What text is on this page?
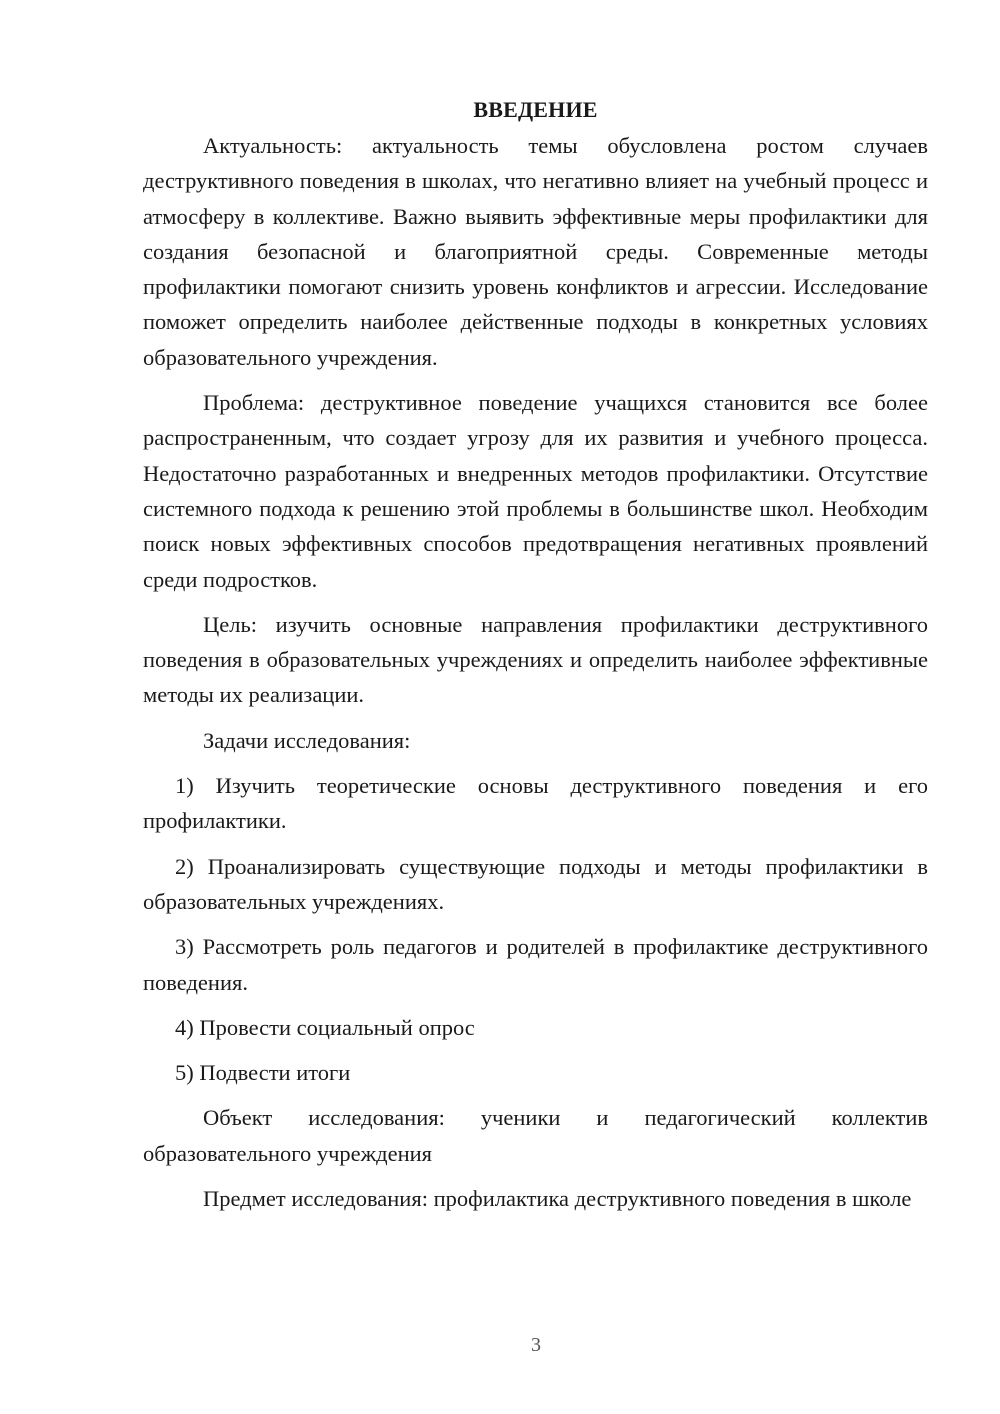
ВВЕДЕНИЕ

Актуальность: актуальность темы обусловлена ростом случаев деструктивного поведения в школах, что негативно влияет на учебный процесс и атмосферу в коллективе. Важно выявить эффективные меры профилактики для создания безопасной и благоприятной среды. Современные методы профилактики помогают снизить уровень конфликтов и агрессии. Исследование поможет определить наиболее действенные подходы в конкретных условиях образовательного учреждения.

Проблема: деструктивное поведение учащихся становится все более распространенным, что создает угрозу для их развития и учебного процесса. Недостаточно разработанных и внедренных методов профилактики. Отсутствие системного подхода к решению этой проблемы в большинстве школ. Необходим поиск новых эффективных способов предотвращения негативных проявлений среди подростков.

Цель: изучить основные направления профилактики деструктивного поведения в образовательных учреждениях и определить наиболее эффективные методы их реализации.

Задачи исследования:

1) Изучить теоретические основы деструктивного поведения и его профилактики.

2) Проанализировать существующие подходы и методы профилактики в образовательных учреждениях.

3) Рассмотреть роль педагогов и родителей в профилактике деструктивного поведения.

4) Провести социальный опрос

5) Подвести итоги

Объект исследования: ученики и педагогический коллектив образовательного учреждения

Предмет исследования: профилактика деструктивного поведения в школе

3
